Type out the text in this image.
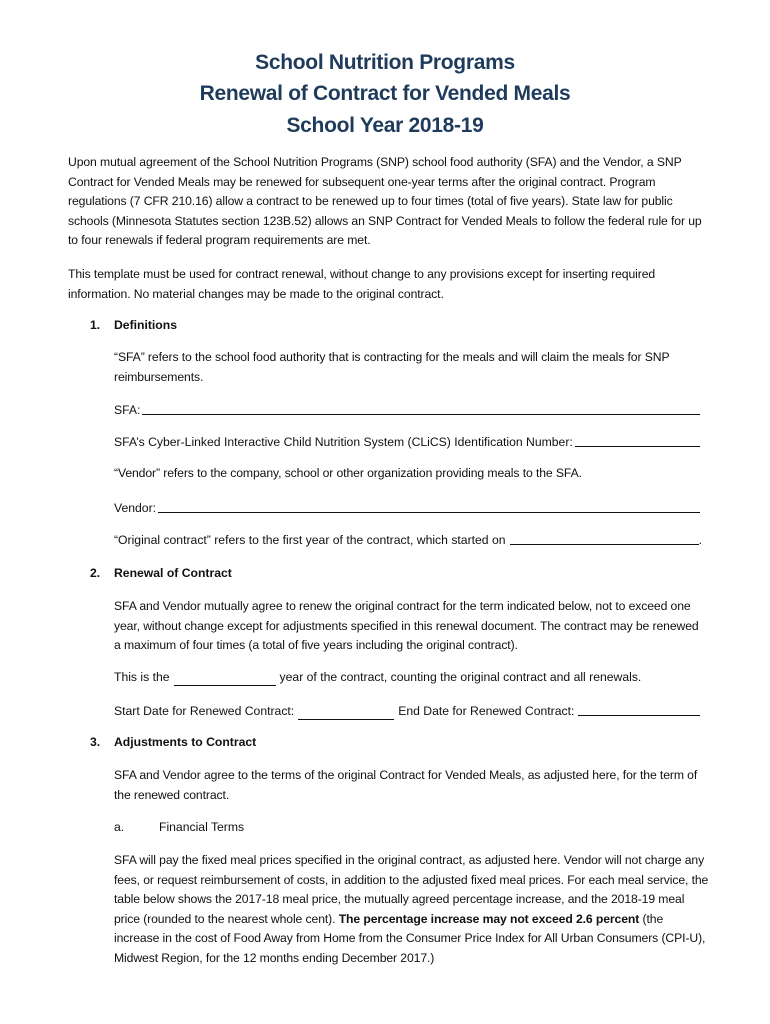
School Nutrition Programs
Renewal of Contract for Vended Meals
School Year 2018-19
Upon mutual agreement of the School Nutrition Programs (SNP) school food authority (SFA) and the Vendor, a SNP Contract for Vended Meals may be renewed for subsequent one-year terms after the original contract. Program regulations (7 CFR 210.16) allow a contract to be renewed up to four times (total of five years). State law for public schools (Minnesota Statutes section 123B.52) allows an SNP Contract for Vended Meals to follow the federal rule for up to four renewals if federal program requirements are met.
This template must be used for contract renewal, without change to any provisions except for inserting required information. No material changes may be made to the original contract.
1. Definitions
“SFA” refers to the school food authority that is contracting for the meals and will claim the meals for SNP reimbursements.
SFA:
SFA’s Cyber-Linked Interactive Child Nutrition System (CLiCS) Identification Number:
“Vendor” refers to the company, school or other organization providing meals to the SFA.
Vendor:
“Original contract” refers to the first year of the contract, which started on	.
2. Renewal of Contract
SFA and Vendor mutually agree to renew the original contract for the term indicated below, not to exceed one year, without change except for adjustments specified in this renewal document. The contract may be renewed a maximum of four times (a total of five years including the original contract).
This is the	year of the contract, counting the original contract and all renewals.
Start Date for Renewed Contract:	End Date for Renewed Contract:
3. Adjustments to Contract
SFA and Vendor agree to the terms of the original Contract for Vended Meals, as adjusted here, for the term of the renewed contract.
a.	Financial Terms
SFA will pay the fixed meal prices specified in the original contract, as adjusted here. Vendor will not charge any fees, or request reimbursement of costs, in addition to the adjusted fixed meal prices. For each meal service, the table below shows the 2017-18 meal price, the mutually agreed percentage increase, and the 2018-19 meal price (rounded to the nearest whole cent). The percentage increase may not exceed 2.6 percent (the increase in the cost of Food Away from Home from the Consumer Price Index for All Urban Consumers (CPI-U), Midwest Region, for the 12 months ending December 2017.)
